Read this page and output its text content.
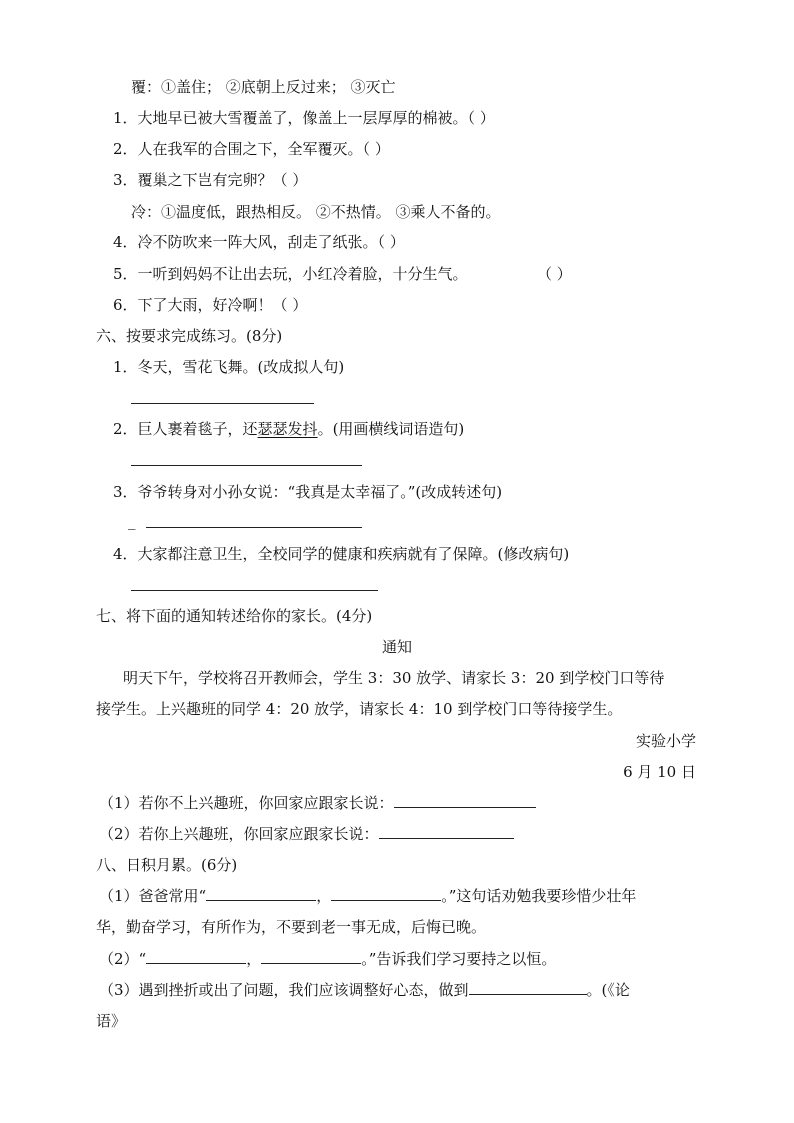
覆：①盖住； ②底朝上反过来； ③灭亡
1．大地早已被大雪覆盖了，像盖上一层厚厚的棉被。（ ）
2．人在我军的合围之下，全军覆灭。（ ）
3．覆巢之下岂有完卵？（ ）
冷：①温度低，跟热相反。 ②不热情。 ③乘人不备的。
4．冷不防吹来一阵大风，刮走了纸张。（ ）
5．一听到妈妈不让出去玩，小红冷着脸，十分生气。	（ ）
6．下了大雨，好冷啊！（ ）
六、按要求完成练习。(8分)
1．冬天，雪花飞舞。(改成拟人句)
2．巨人裹着毯子，还瑟瑟发抖。(用画横线词语造句)
3．爷爷转身对小孙女说：“我真是太幸福了。”(改成转述句)
_
4．大家都注意卫生，全校同学的健康和疾病就有了保障。(修改病句)
七、将下面的通知转述给你的家长。(4分)
通知
明天下午，学校将召开教师会，学生 3：30 放学、请家长 3：20 到学校门口等待
接学生。上兴趣班的同学 4：20 放学，请家长 4：10 到学校门口等待接学生。
实验小学
6 月 10 日
（1）若你不上兴趣班，你回家应跟家长说：
（2）若你上兴趣班，你回家应跟家长说：
八、日积月累。(6分)
（1）爸爸常用“	，	。”这句话劝勉我要珍惜少壮年
华，勤奋学习，有所作为，不要到老一事无成，后悔已晚。
（2）“	，	。”告诉我们学习要持之以恒。
（3）遇到挫折或出了问题，我们应该调整好心态，做到	。(《论
语》
